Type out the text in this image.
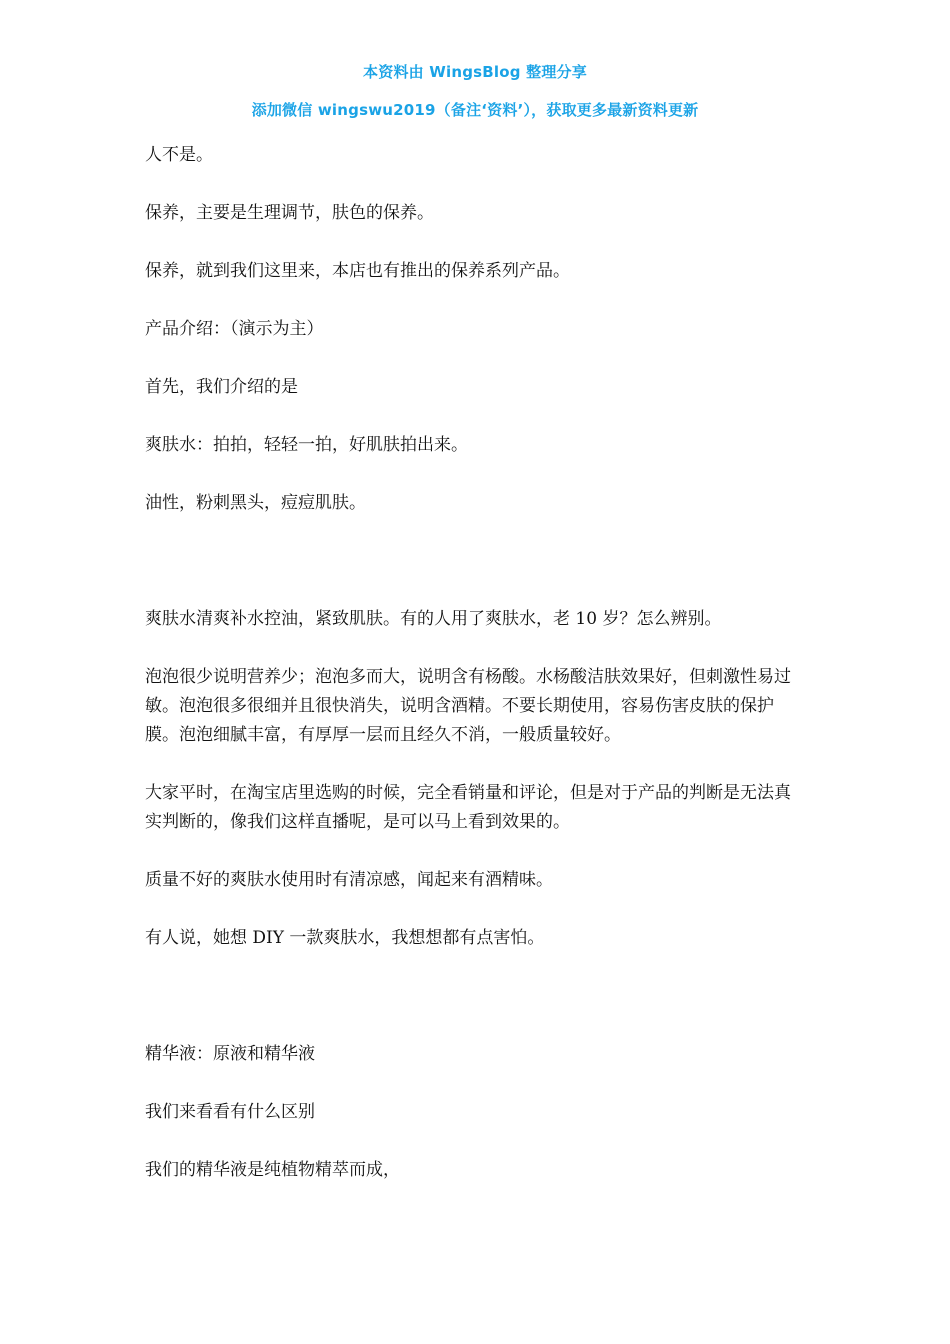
本资料由 WingsBlog 整理分享
添加微信 wingswu2019（备注‘资料’），获取更多最新资料更新

人不是。

保养，主要是生理调节，肤色的保养。

保养，就到我们这里来，本店也有推出的保养系列产品。

产品介绍：（演示为主）

首先，我们介绍的是

爽肤水：拍拍，轻轻一拍，好肌肤拍出来。

油性，粉刺黑头，痘痘肌肤。

爽肤水清爽补水控油，紧致肌肤。有的人用了爽肤水，老 10 岁？怎么辨别。

泡泡很少说明营养少；泡泡多而大，说明含有杨酸。水杨酸洁肤效果好，但刺激性易过敏。泡泡很多很细并且很快消失，说明含酒精。不要长期使用，容易伤害皮肤的保护膜。泡泡细腻丰富，有厚厚一层而且经久不消，一般质量较好。

大家平时，在淘宝店里选购的时候，完全看销量和评论，但是对于产品的判断是无法真实判断的，像我们这样直播呢，是可以马上看到效果的。

质量不好的爽肤水使用时有清凉感，闻起来有酒精味。

有人说，她想 DIY 一款爽肤水，我想想都有点害怕。

精华液：原液和精华液

我们来看看有什么区别

我们的精华液是纯植物精萃而成，
